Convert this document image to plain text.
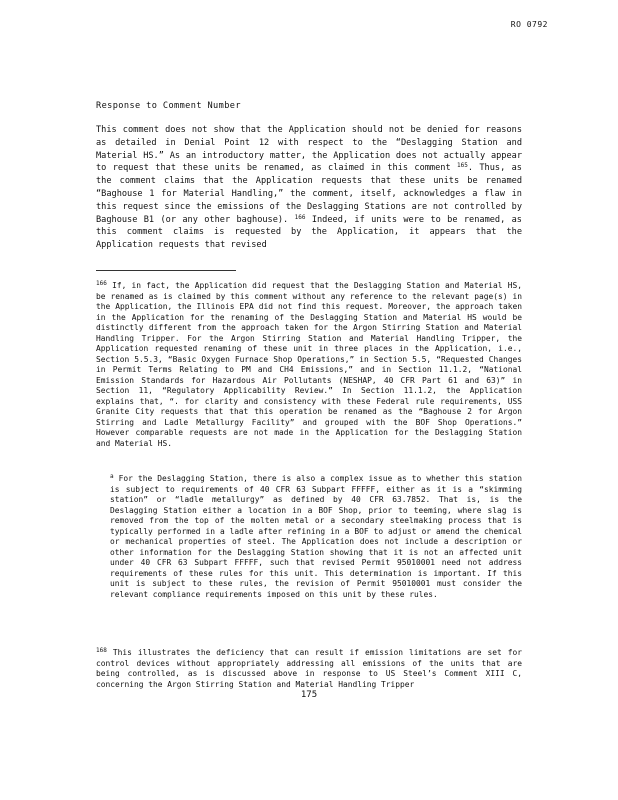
RO 0792
Response to Comment Number

This comment does not show that the Application should not be denied for reasons as detailed in Denial Point 12 with respect to the “Deslagging Station and Material HS.” As an introductory matter, the Application does not actually appear to request that these units be renamed, as claimed in this comment $^{165}$. Thus, as the comment claims that the Application requests that these units be renamed “Baghouse 1 for Material Handling,” the comment, itself, acknowledges a flaw in this request since the emissions of the Deslagging Stations are not controlled by Baghouse B1 (or any other baghouse). $^{166}$ Indeed, if units were to be renamed, as this comment claims is requested by the Application, it appears that the Application requests that revised

$^{166}$ If, in fact, the Application did request that the Deslagging Station and Material HS, be renamed as is claimed by this comment without any reference to the relevant page(s) in the Application, the Illinois EPA did not find this request. Moreover, the approach taken in the Application for the renaming of the Deslagging Station and Material HS would be distinctly different from the approach taken for the Argon Stirring Station and Material Handling Tripper. For the Argon Stirring Station and Material Handling Tripper, the Application requested renaming of these unit in three places in the Application, i.e., Section 5.5.3, “Basic Oxygen Furnace Shop Operations,” in Section 5.5, “Requested Changes in Permit Terms Relating to PM and CH4 Emissions,” and in Section 11.1.2, “National Emission Standards for Hazardous Air Pollutants (NESHAP, 40 CFR Part 61 and 63)” in Section 11, “Regulatory Applicability Review.” In Section 11.1.2, the Application explains that, “. for clarity and consistency with these Federal rule requirements, USS Granite City requests that that this operation be renamed as the “Baghouse 2 for Argon Stirring and Ladle Metallurgy Facility” and grouped with the BOF Shop Operations.” However comparable requests are not made in the Application for the Deslagging Station and Material HS.

$^a$ For the Deslagging Station, there is also a complex issue as to whether this station is subject to requirements of 40 CFR 63 Subpart FFFFF, either as it is a “skimming station” or “ladle metallurgy” as defined by 40 CFR 63.7852. That is, is the Deslagging Station either a location in a BOF Shop, prior to teeming, where slag is removed from the top of the molten metal or a secondary steelmaking process that is typically performed in a ladle after refining in a BOF to adjust or amend the chemical or mechanical properties of steel. The Application does not include a description or other information for the Deslagging Station showing that it is not an affected unit under 40 CFR 63 Subpart FFFFF, such that revised Permit 95010001 need not address requirements of these rules for this unit. This determination is important. If this unit is subject to these rules, the revision of Permit 95010001 must consider the relevant compliance requirements imposed on this unit by these rules.

$^{168}$ This illustrates the deficiency that can result if emission limitations are set for control devices without appropriately addressing all emissions of the units that are being controlled, as is discussed above in response to US Steel’s Comment XIII C, concerning the Argon Stirring Station and Material Handling Tripper

175
